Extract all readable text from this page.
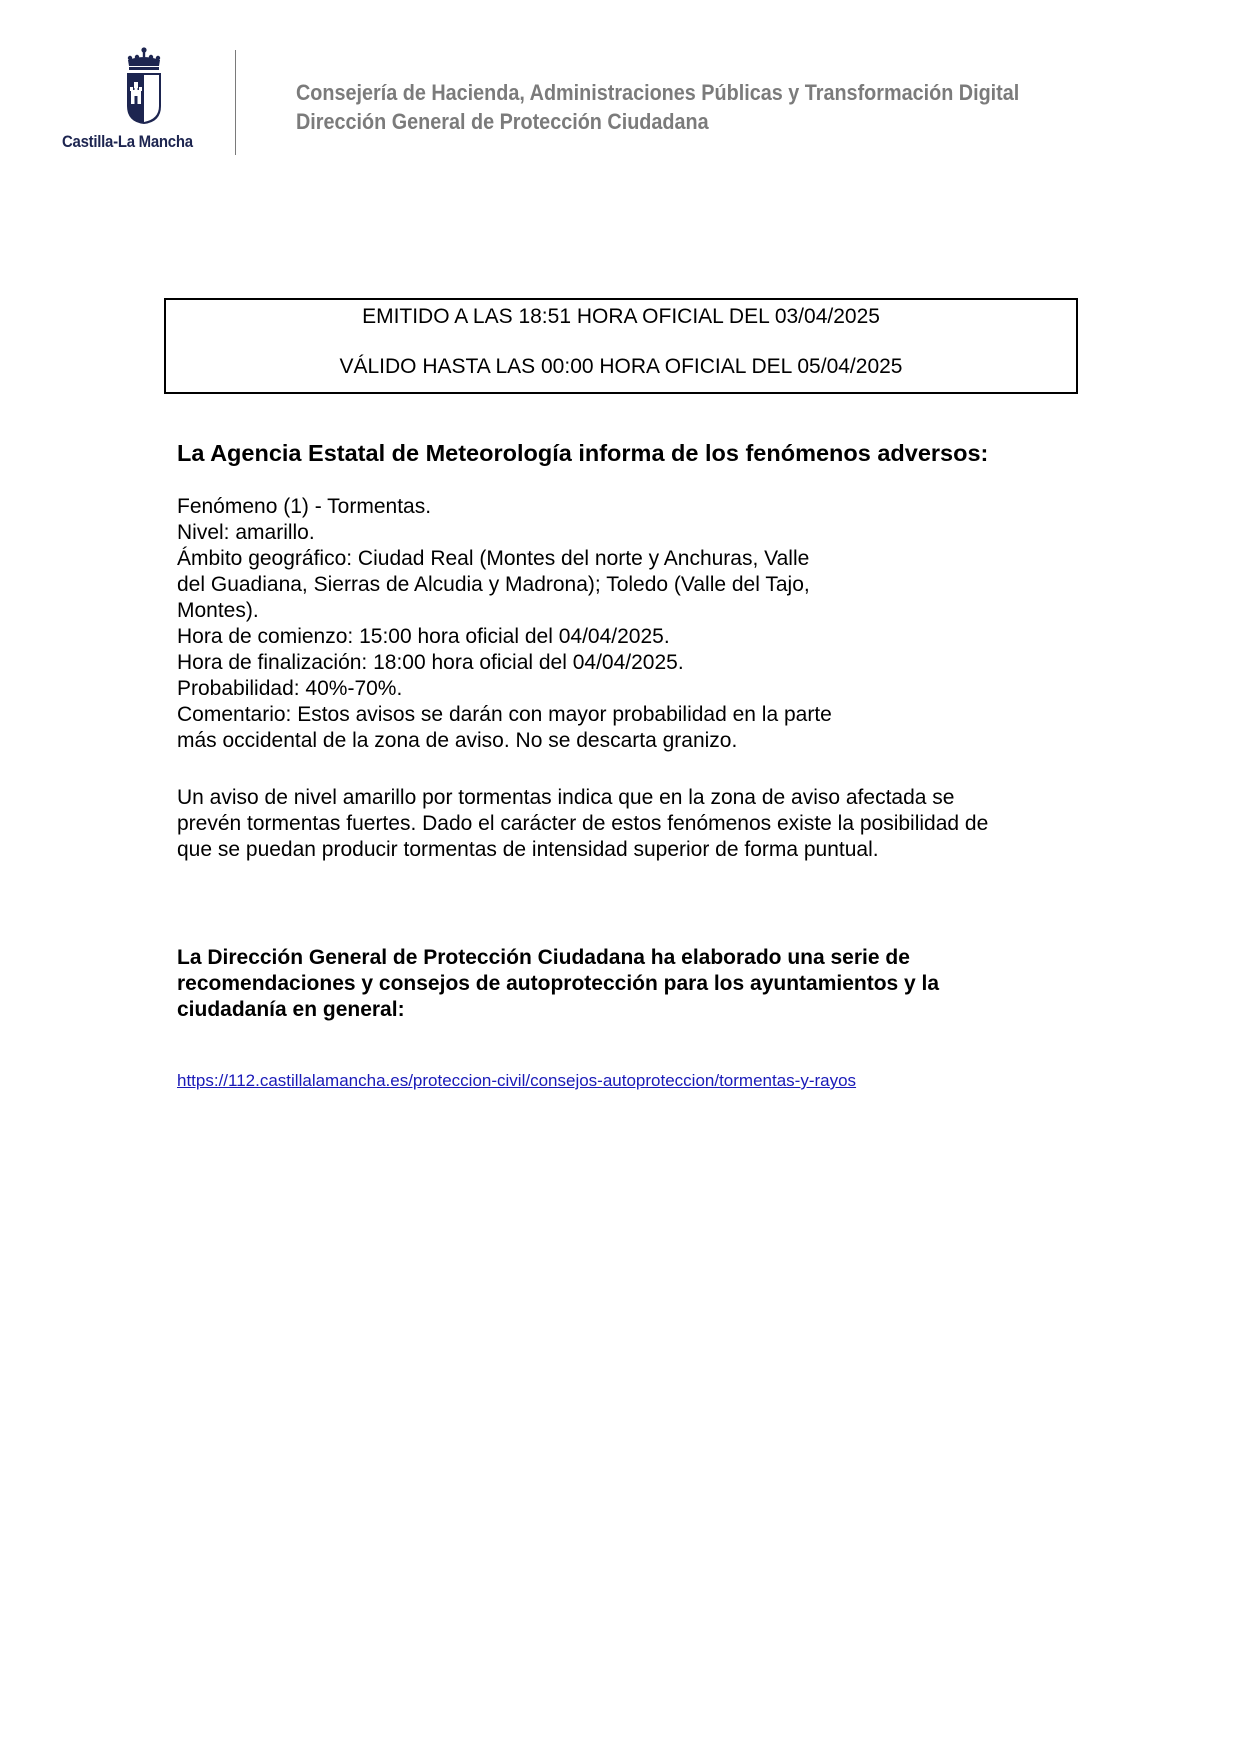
Castilla-La Mancha
Consejería de Hacienda, Administraciones Públicas y Transformación Digital
Dirección General de Protección Ciudadana
EMITIDO A LAS 18:51 HORA OFICIAL DEL 03/04/2025
VÁLIDO HASTA LAS 00:00 HORA OFICIAL DEL 05/04/2025
La Agencia Estatal de Meteorología informa de los fenómenos adversos:
Fenómeno (1) - Tormentas.
Nivel: amarillo.
Ámbito geográfico: Ciudad Real (Montes del norte y Anchuras, Valle
del Guadiana, Sierras de Alcudia y Madrona); Toledo (Valle del Tajo,
Montes).
Hora de comienzo: 15:00 hora oficial del 04/04/2025.
Hora de finalización: 18:00 hora oficial del 04/04/2025.
Probabilidad: 40%-70%.
Comentario: Estos avisos se darán con mayor probabilidad en la parte
más occidental de la zona de aviso. No se descarta granizo.
Un aviso de nivel amarillo por tormentas indica que en la zona de aviso afectada se
prevén tormentas fuertes. Dado el carácter de estos fenómenos existe la posibilidad de
que se puedan producir tormentas de intensidad superior de forma puntual.
La Dirección General de Protección Ciudadana ha elaborado una serie de
recomendaciones y consejos de autoprotección para los ayuntamientos y la
ciudadanía en general:
https://112.castillalamancha.es/proteccion-civil/consejos-autoproteccion/tormentas-y-rayos
